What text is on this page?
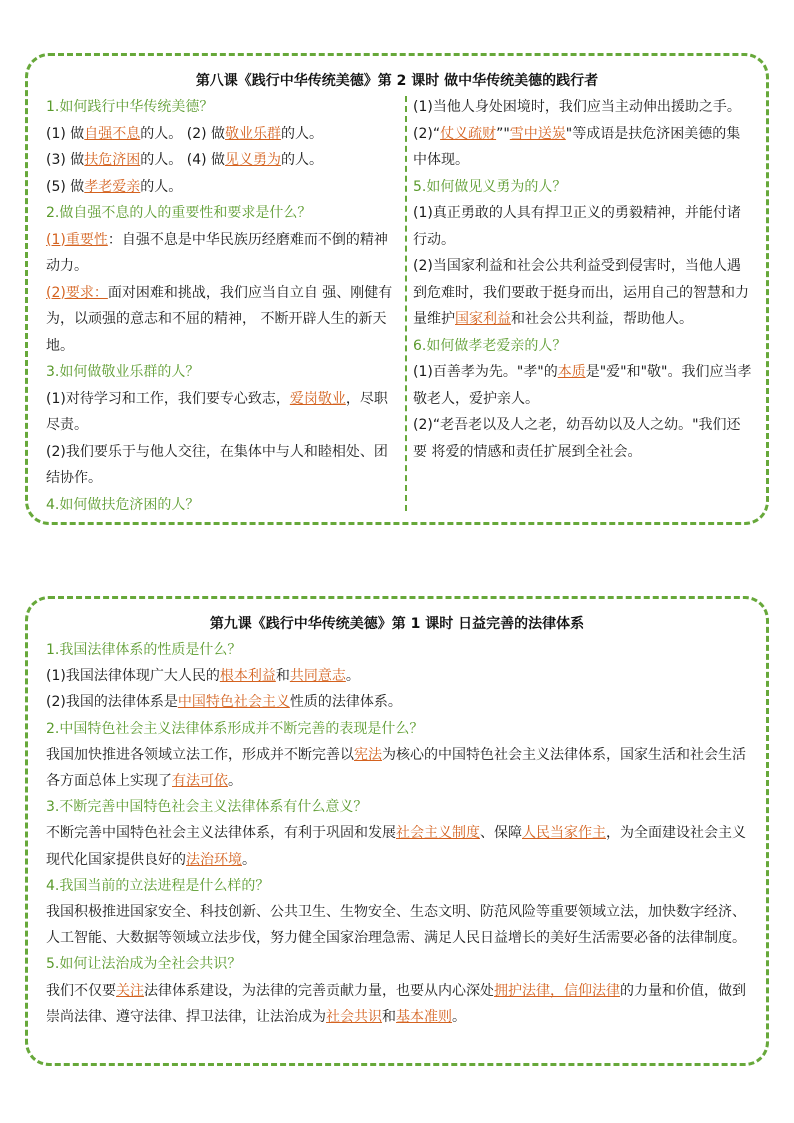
第八课《践行中华传统美德》第 2 课时 做中华传统美德的践行者

1.如何践行中华传统美德？

(1) 做自强不息的人。 (2) 做敬业乐群的人。

(3) 做扶危济困的人。 (4) 做见义勇为的人。

(5) 做孝老爱亲的人。

2.做自强不息的人的重要性和要求是什么？

(1)重要性：自强不息是中华民族历经磨难而不倒的精神动力。

(2)要求：面对困难和挑战，我们应当自立自 强、刚健有为，以顽强的意志和不屈的精神， 不断开辟人生的新天地。

3.如何做敬业乐群的人？

(1)对待学习和工作，我们要专心致志，爱岗敬业，尽职尽责。

(2)我们要乐于与他人交往，在集体中与人和睦相处、团结协作。

4.如何做扶危济困的人？

(1)当他人身处困境时，我们应当主动伸出援助之手。

(2)“仗义疏财”"雪中送炭"等成语是扶危济困美德的集中体现。

5.如何做见义勇为的人？

(1)真正勇敢的人具有捍卫正义的勇毅精神，并能付诸行动。

(2)当国家利益和社会公共利益受到侵害时，当他人遇到危难时，我们要敢于挺身而出，运用自己的智慧和力量维护国家利益和社会公共利益，帮助他人。

6.如何做孝老爱亲的人？

(1)百善孝为先。"孝"的本质是"爱"和"敬"。我们应当孝敬老人，爱护亲人。

(2)“老吾老以及人之老，幼吾幼以及人之幼。"我们还要 将爱的情感和责任扩展到全社会。

第九课《践行中华传统美德》第 1 课时 日益完善的法律体系

1.我国法律体系的性质是什么？

(1)我国法律体现广大人民的根本利益和共同意志。

(2)我国的法律体系是中国特色社会主义性质的法律体系。

2.中国特色社会主义法律体系形成并不断完善的表现是什么？

我国加快推进各领域立法工作，形成并不断完善以宪法为核心的中国特色社会主义法律体系，国家生活和社会生活各方面总体上实现了有法可依。

3.不断完善中国特色社会主义法律体系有什么意义？

不断完善中国特色社会主义法律体系，有利于巩固和发展社会主义制度、保障人民当家作主，为全面建设社会主义现代化国家提供良好的法治环境。

4.我国当前的立法进程是什么样的？

我国积极推进国家安全、科技创新、公共卫生、生物安全、生态文明、防范风险等重要领域立法，加快数字经济、人工智能、大数据等领域立法步伐，努力健全国家治理急需、满足人民日益增长的美好生活需要必备的法律制度。

5.如何让法治成为全社会共识？

我们不仅要关注法律体系建设，为法律的完善贡献力量，也要从内心深处拥护法律，信仰法律的力量和价值，做到崇尚法律、遵守法律、捍卫法律，让法治成为社会共识和基本准则。
